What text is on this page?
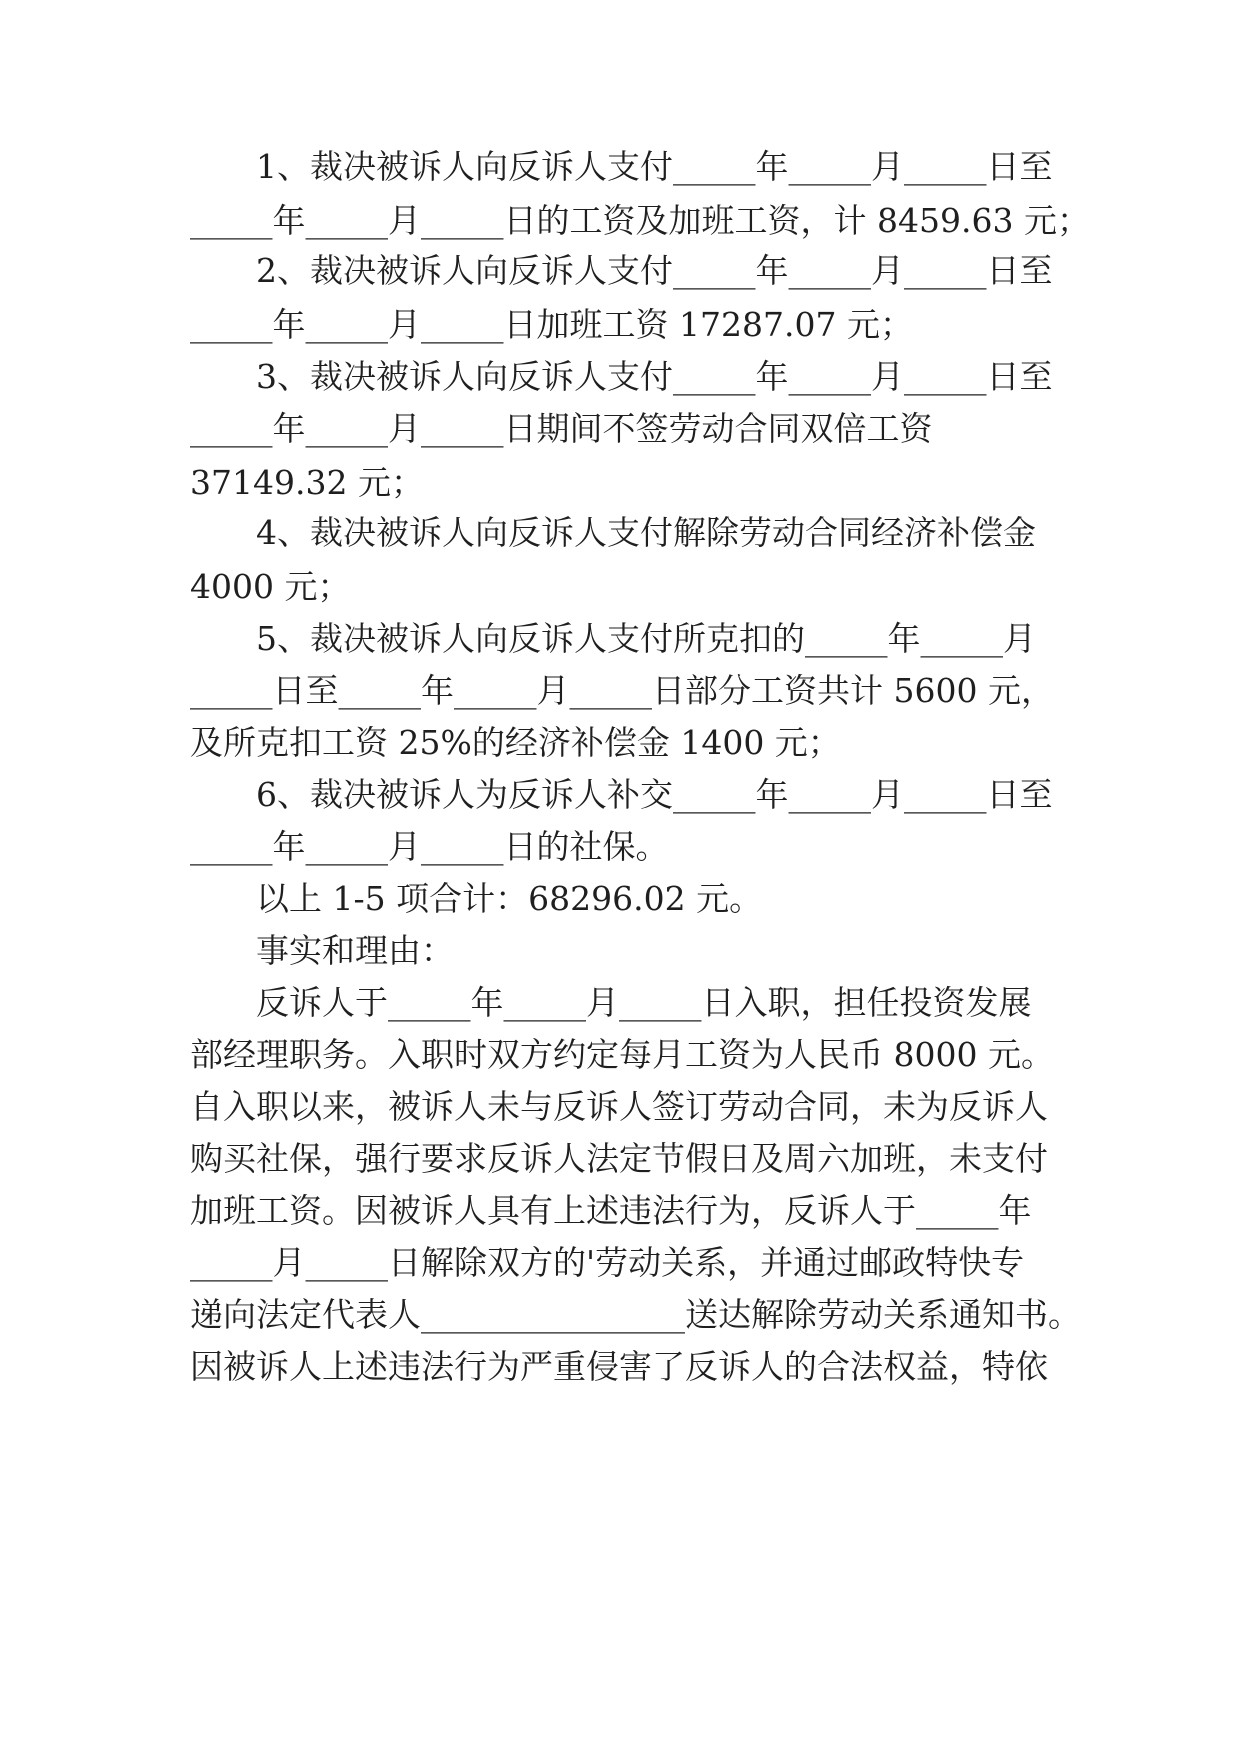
1、裁决被诉人向反诉人支付_____年_____月_____日至
_____年_____月_____日的工资及加班工资，计 8459.63 元；
2、裁决被诉人向反诉人支付_____年_____月_____日至
_____年_____月_____日加班工资 17287.07 元；
3、裁决被诉人向反诉人支付_____年_____月_____日至
_____年_____月_____日期间不签劳动合同双倍工资
37149.32 元；
4、裁决被诉人向反诉人支付解除劳动合同经济补偿金
4000 元；
5、裁决被诉人向反诉人支付所克扣的_____年_____月
_____日至_____年_____月_____日部分工资共计 5600 元，
及所克扣工资 25%的经济补偿金 1400 元；
6、裁决被诉人为反诉人补交_____年_____月_____日至
_____年_____月_____日的社保。
以上 1-5 项合计：68296.02 元。
事实和理由：
反诉人于_____年_____月_____日入职，担任投资发展
部经理职务。入职时双方约定每月工资为人民币 8000 元。
自入职以来，被诉人未与反诉人签订劳动合同，未为反诉人
购买社保，强行要求反诉人法定节假日及周六加班，未支付
加班工资。因被诉人具有上述违法行为，反诉人于_____年
_____月_____日解除双方的'劳动关系，并通过邮政特快专
递向法定代表人________________送达解除劳动关系通知书。
因被诉人上述违法行为严重侵害了反诉人的合法权益，特依
